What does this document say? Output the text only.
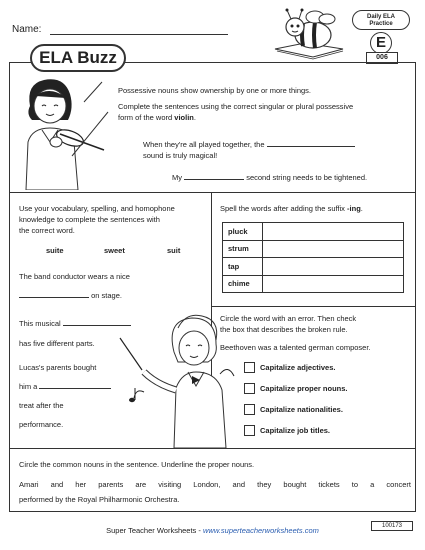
Name:
Daily ELA
Practice
E
006
ELA Buzz
Possessive nouns show ownership by one or more things.
Complete the sentences using the correct singular or plural possessive
form of the word violin.
When they're all played together, the
sound is truly magical!
My	second string needs to be tightened.
Use your vocabulary, spelling, and homophone
knowledge to complete the sentences with
the correct word.
suite	sweet	suit
The band conductor wears a nice
on stage.
This musical
has five different parts.
Lucas's parents bought
him a
treat after the
performance.
Spell the words after adding the suffix -ing.
pluck	
strum	
tap	
chime	
Circle the word with an error. Then check
the box that describes the broken rule.
Beethoven was a talented german composer.
Capitalize adjectives.
Capitalize proper nouns.
Capitalize nationalities.
Capitalize job titles.
Circle the common nouns in the sentence. Underline the proper nouns.
Amari and her parents are visiting London, and they bought tickets to a concert
performed by the Royal Philharmonic Orchestra.
Super Teacher Worksheets - www.superteacherworksheets.com	100173
